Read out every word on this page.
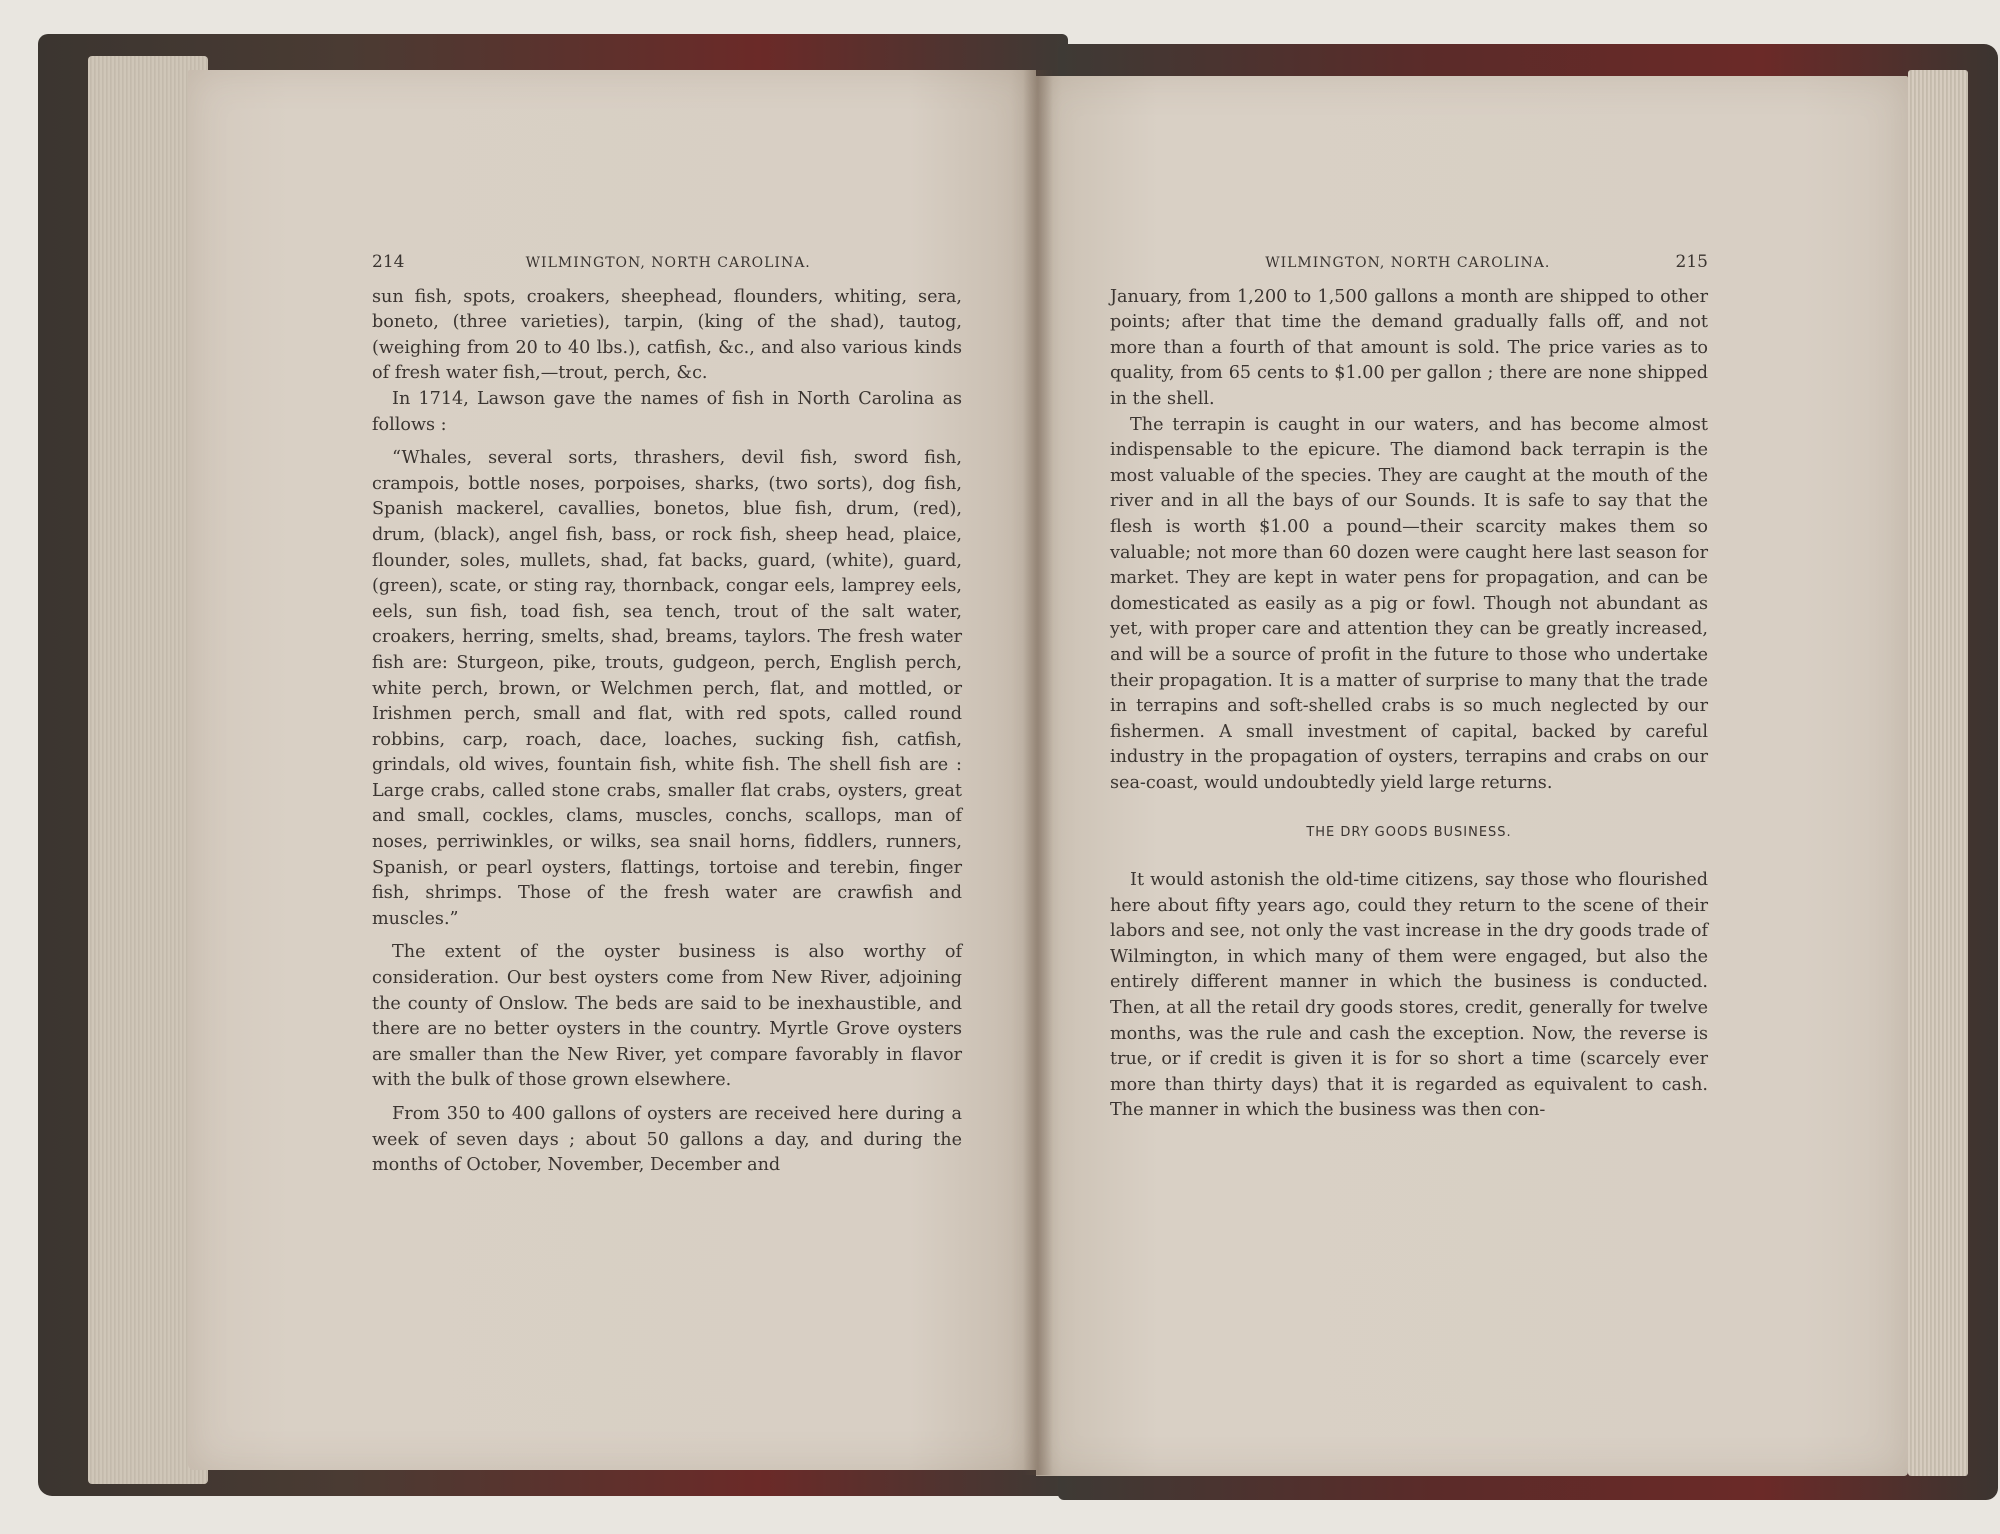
214	WILMINGTON, NORTH CAROLINA.

sun fish, spots, croakers, sheephead, flounders, whiting, sera, boneto, (three varieties), tarpin, (king of the shad), tautog, (weighing from 20 to 40 lbs.), catfish, &c., and also various kinds of fresh water fish,—trout, perch, &c.

In 1714, Lawson gave the names of fish in North Carolina as follows :

“Whales, several sorts, thrashers, devil fish, sword fish, crampois, bottle noses, porpoises, sharks, (two sorts), dog fish, Spanish mackerel, cavallies, bonetos, blue fish, drum, (red), drum, (black), angel fish, bass, or rock fish, sheep head, plaice, flounder, soles, mullets, shad, fat backs, guard, (white), guard, (green), scate, or sting ray, thornback, congar eels, lamprey eels, eels, sun fish, toad fish, sea tench, trout of the salt water, croakers, herring, smelts, shad, breams, taylors. The fresh water fish are: Sturgeon, pike, trouts, gudgeon, perch, English perch, white perch, brown, or Welchmen perch, flat, and mottled, or Irishmen perch, small and flat, with red spots, called round robbins, carp, roach, dace, loaches, sucking fish, catfish, grindals, old wives, fountain fish, white fish. The shell fish are : Large crabs, called stone crabs, smaller flat crabs, oysters, great and small, cockles, clams, muscles, conchs, scallops, man of noses, perriwinkles, or wilks, sea snail horns, fiddlers, runners, Spanish, or pearl oysters, flattings, tortoise and terebin, finger fish, shrimps. Those of the fresh water are crawfish and muscles.”

The extent of the oyster business is also worthy of consideration. Our best oysters come from New River, adjoining the county of Onslow. The beds are said to be inexhaustible, and there are no better oysters in the country. Myrtle Grove oysters are smaller than the New River, yet compare favorably in flavor with the bulk of those grown elsewhere.

From 350 to 400 gallons of oysters are received here during a week of seven days ; about 50 gallons a day, and during the months of October, November, December and

WILMINGTON, NORTH CAROLINA.	215

January, from 1,200 to 1,500 gallons a month are shipped to other points; after that time the demand gradually falls off, and not more than a fourth of that amount is sold. The price varies as to quality, from 65 cents to $1.00 per gallon ; there are none shipped in the shell.

The terrapin is caught in our waters, and has become almost indispensable to the epicure. The diamond back terrapin is the most valuable of the species. They are caught at the mouth of the river and in all the bays of our Sounds. It is safe to say that the flesh is worth $1.00 a pound—their scarcity makes them so valuable; not more than 60 dozen were caught here last season for market. They are kept in water pens for propagation, and can be domesticated as easily as a pig or fowl. Though not abundant as yet, with proper care and attention they can be greatly increased, and will be a source of profit in the future to those who undertake their propagation. It is a matter of surprise to many that the trade in terrapins and soft-shelled crabs is so much neglected by our fishermen. A small investment of capital, backed by careful industry in the propagation of oysters, terrapins and crabs on our sea-coast, would undoubtedly yield large returns.

THE DRY GOODS BUSINESS.

It would astonish the old-time citizens, say those who flourished here about fifty years ago, could they return to the scene of their labors and see, not only the vast increase in the dry goods trade of Wilmington, in which many of them were engaged, but also the entirely different manner in which the business is conducted. Then, at all the retail dry goods stores, credit, generally for twelve months, was the rule and cash the exception. Now, the reverse is true, or if credit is given it is for so short a time (scarcely ever more than thirty days) that it is regarded as equivalent to cash. The manner in which the business was then con-
